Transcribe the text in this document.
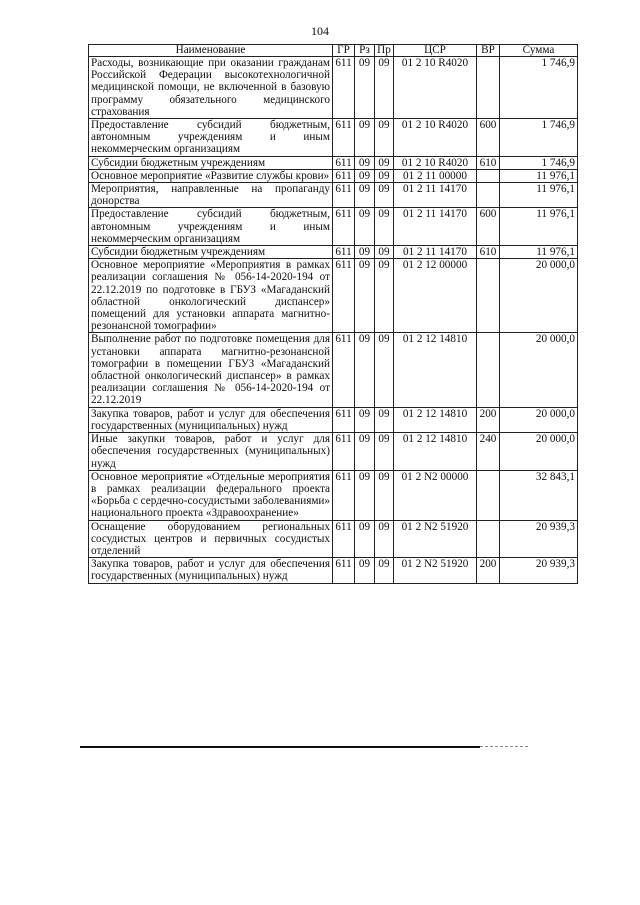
104
Наименование	ГР	Рз	Пр	ЦСР	ВР	Сумма
Расходы, возникающие при оказании гражданам Российской Федерации высокотехнологичной медицинской помощи, не включенной в базовую программу обязательного медицинского страхования	611	09	09	01 2 10 R4020		1 746,9
Предоставление субсидий бюджетным, автономным учреждениям и иным некоммерческим организациям	611	09	09	01 2 10 R4020	600	1 746,9
Субсидии бюджетным учреждениям	611	09	09	01 2 10 R4020	610	1 746,9
Основное мероприятие «Развитие службы крови»	611	09	09	01 2 11 00000		11 976,1
Мероприятия, направленные на пропаганду донорства	611	09	09	01 2 11 14170		11 976,1
Предоставление субсидий бюджетным, автономным учреждениям и иным некоммерческим организациям	611	09	09	01 2 11 14170	600	11 976,1
Субсидии бюджетным учреждениям	611	09	09	01 2 11 14170	610	11 976,1
Основное мероприятие «Мероприятия в рамках реализации соглашения № 056-14-2020-194 от 22.12.2019 по подготовке в ГБУЗ «Магаданский областной онкологический диспансер» помещений для установки аппарата магнитно-резонансной томографии»	611	09	09	01 2 12 00000		20 000,0
Выполнение работ по подготовке помещения для установки аппарата магнитно-резонансной томографии в помещении ГБУЗ «Магаданский областной онкологический диспансер» в рамках реализации соглашения № 056-14-2020-194 от 22.12.2019	611	09	09	01 2 12 14810		20 000,0
Закупка товаров, работ и услуг для обеспечения государственных (муниципальных) нужд	611	09	09	01 2 12 14810	200	20 000,0
Иные закупки товаров, работ и услуг для обеспечения государственных (муниципальных) нужд	611	09	09	01 2 12 14810	240	20 000,0
Основное мероприятие «Отдельные мероприятия в рамках реализации федерального проекта «Борьба с сердечно-сосудистыми заболеваниями» национального проекта «Здравоохранение»	611	09	09	01 2 N2 00000		32 843,1
Оснащение оборудованием региональных сосудистых центров и первичных сосудистых отделений	611	09	09	01 2 N2 51920		20 939,3
Закупка товаров, работ и услуг для обеспечения государственных (муниципальных) нужд	611	09	09	01 2 N2 51920	200	20 939,3
